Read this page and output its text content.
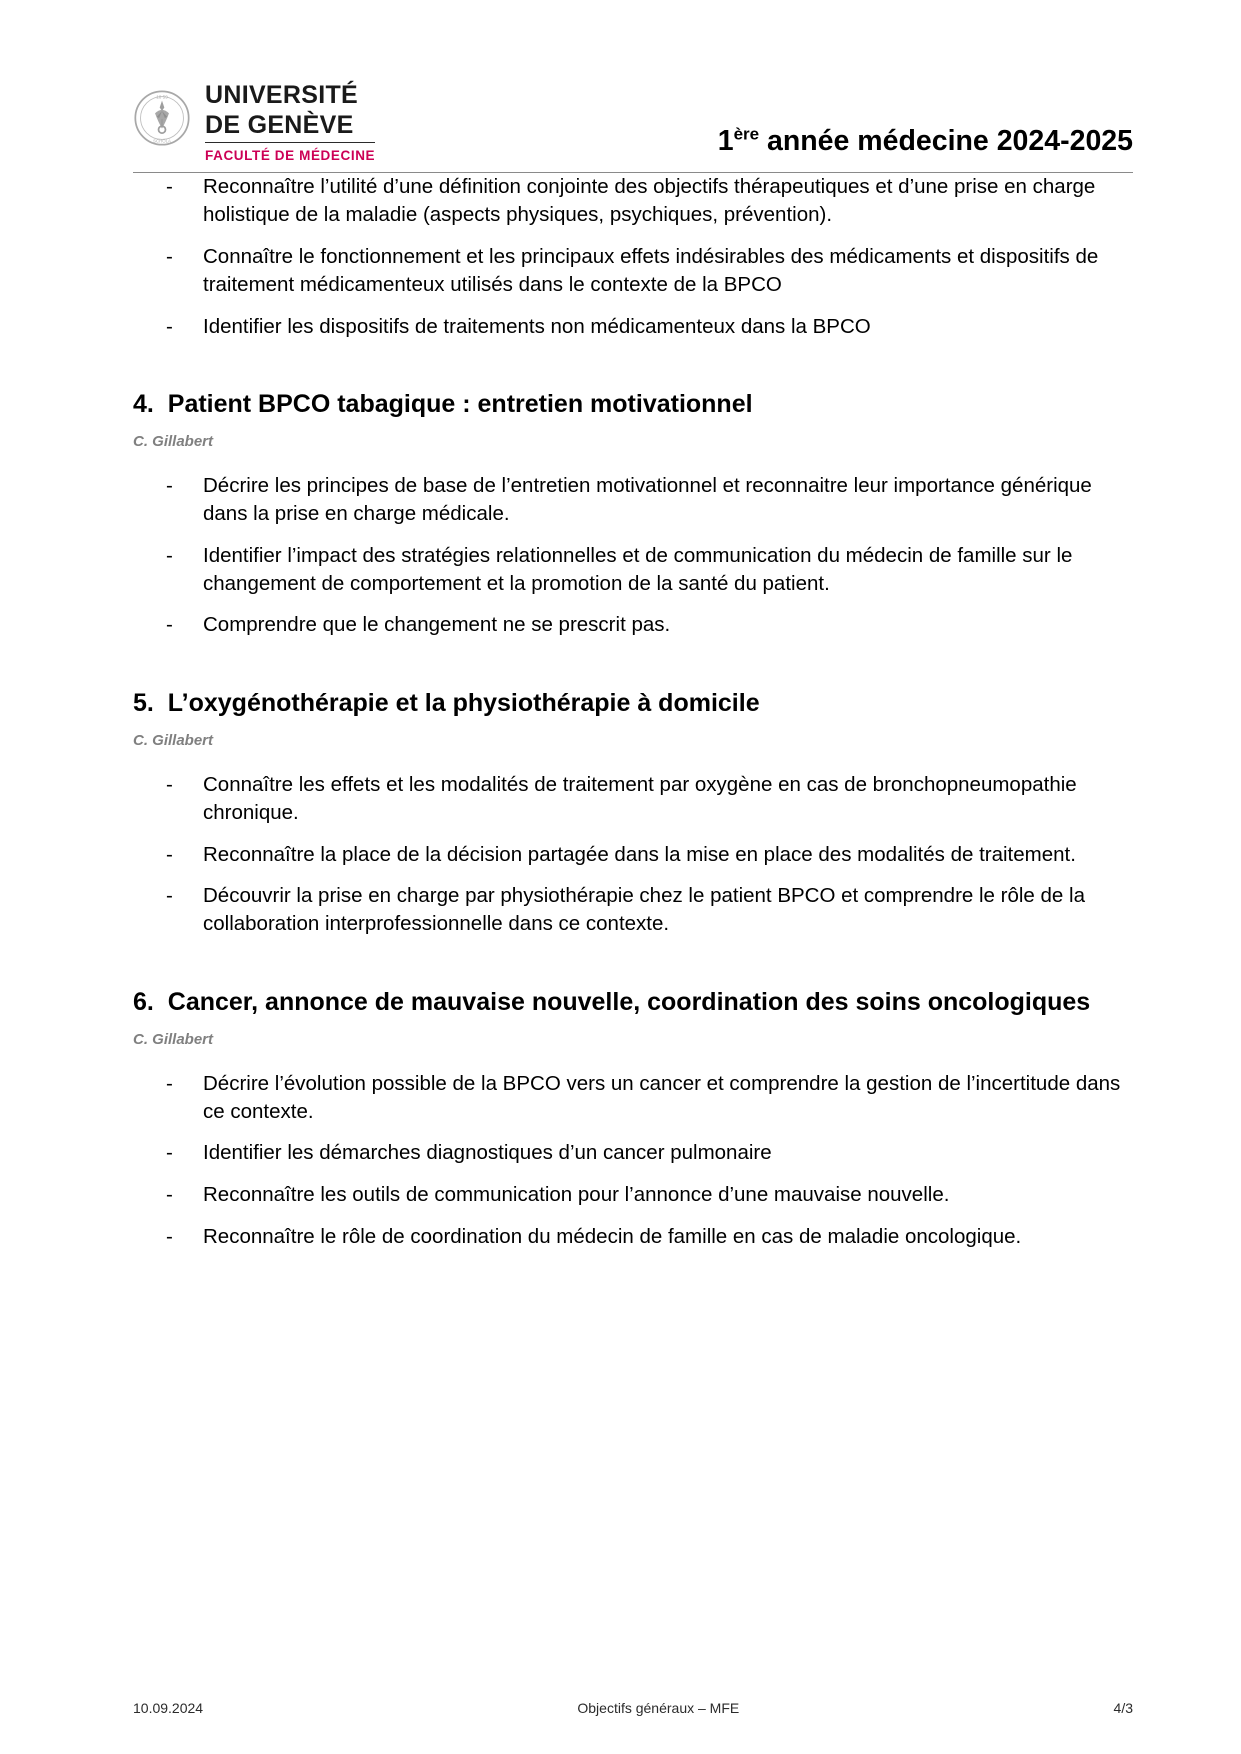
18 59
SCHOLA
UNIVERSITÉ
DE GENÈVE
FACULTÉ DE MÉDECINE	1ère année médecine 2024-2025
- Reconnaître l’utilité d’une définition conjointe des objectifs thérapeutiques et d’une prise en charge holistique de la maladie (aspects physiques, psychiques, prévention).
- Connaître le fonctionnement et les principaux effets indésirables des médicaments et dispositifs de traitement médicamenteux utilisés dans le contexte de la BPCO
- Identifier les dispositifs de traitements non médicamenteux dans la BPCO
4. Patient BPCO tabagique : entretien motivationnel
C. Gillabert
- Décrire les principes de base de l’entretien motivationnel et reconnaitre leur importance générique dans la prise en charge médicale.
- Identifier l’impact des stratégies relationnelles et de communication du médecin de famille sur le changement de comportement et la promotion de la santé du patient.
- Comprendre que le changement ne se prescrit pas.
5. L’oxygénothérapie et la physiothérapie à domicile
C. Gillabert
- Connaître les effets et les modalités de traitement par oxygène en cas de bronchopneumopathie chronique.
- Reconnaître la place de la décision partagée dans la mise en place des modalités de traitement.
- Découvrir la prise en charge par physiothérapie chez le patient BPCO et comprendre le rôle de la collaboration interprofessionnelle dans ce contexte.
6. Cancer, annonce de mauvaise nouvelle, coordination des soins oncologiques
C. Gillabert
- Décrire l’évolution possible de la BPCO vers un cancer et comprendre la gestion de l’incertitude dans ce contexte.
- Identifier les démarches diagnostiques d’un cancer pulmonaire
- Reconnaître les outils de communication pour l’annonce d’une mauvaise nouvelle.
- Reconnaître le rôle de coordination du médecin de famille en cas de maladie oncologique.
10.09.2024	Objectifs généraux – MFE	4/3
